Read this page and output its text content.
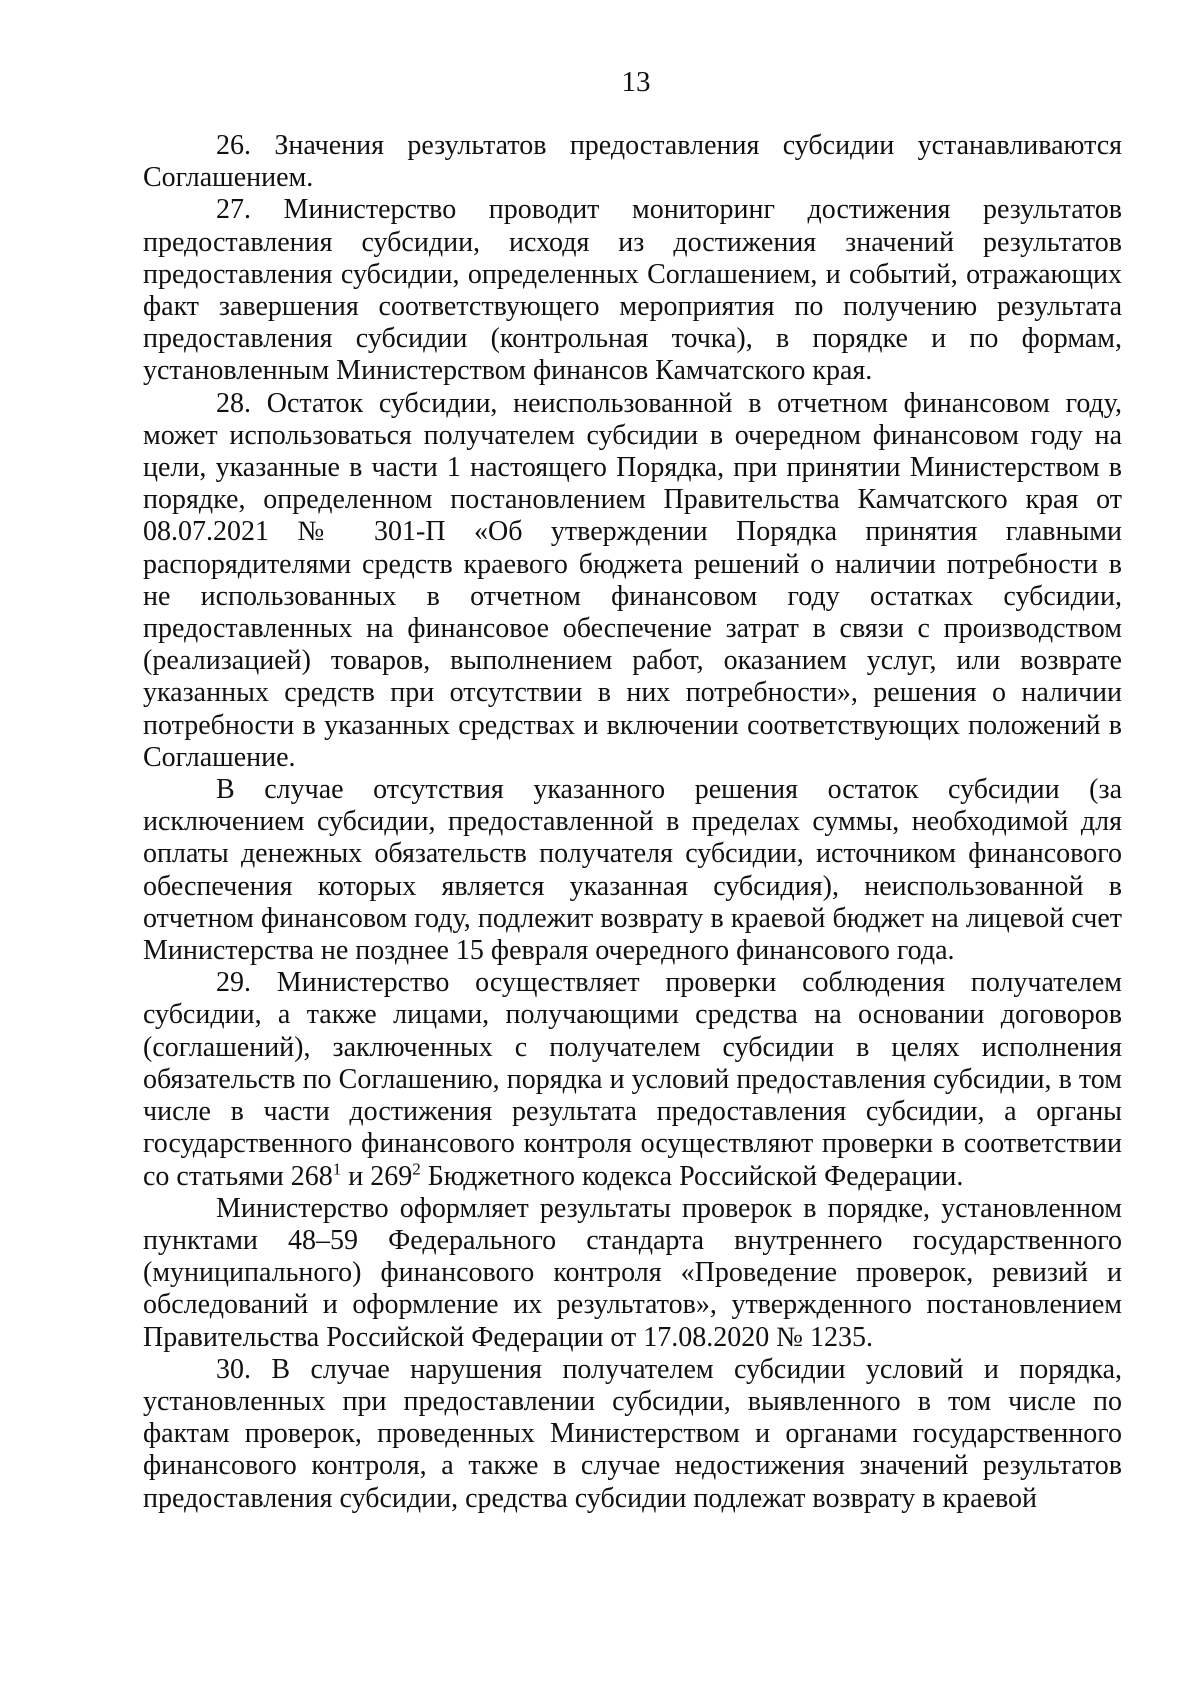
13

26. Значения результатов предоставления субсидии устанавливаются Соглашением.

27. Министерство проводит мониторинг достижения результатов предоставления субсидии, исходя из достижения значений результатов предоставления субсидии, определенных Соглашением, и событий, отражающих факт завершения соответствующего мероприятия по получению результата предоставления субсидии (контрольная точка), в порядке и по формам, установленным Министерством финансов Камчатского края.

28. Остаток субсидии, неиспользованной в отчетном финансовом году, может использоваться получателем субсидии в очередном финансовом году на цели, указанные в части 1 настоящего Порядка, при принятии Министерством в порядке, определенном постановлением Правительства Камчатского края от 08.07.2021 № 301-П «Об утверждении Порядка принятия главными распорядителями средств краевого бюджета решений о наличии потребности в не использованных в отчетном финансовом году остатках субсидии, предоставленных на финансовое обеспечение затрат в связи с производством (реализацией) товаров, выполнением работ, оказанием услуг, или возврате указанных средств при отсутствии в них потребности», решения о наличии потребности в указанных средствах и включении соответствующих положений в Соглашение.

В случае отсутствия указанного решения остаток субсидии (за исключением субсидии, предоставленной в пределах суммы, необходимой для оплаты денежных обязательств получателя субсидии, источником финансового обеспечения которых является указанная субсидия), неиспользованной в отчетном финансовом году, подлежит возврату в краевой бюджет на лицевой счет Министерства не позднее 15 февраля очередного финансового года.

29. Министерство осуществляет проверки соблюдения получателем субсидии, а также лицами, получающими средства на основании договоров (соглашений), заключенных с получателем субсидии в целях исполнения обязательств по Соглашению, порядка и условий предоставления субсидии, в том числе в части достижения результата предоставления субсидии, а органы государственного финансового контроля осуществляют проверки в соответствии со статьями $268^1$ и $269^2$ Бюджетного кодекса Российской Федерации.

Министерство оформляет результаты проверок в порядке, установленном пунктами 48–59 Федерального стандарта внутреннего государственного (муниципального) финансового контроля «Проведение проверок, ревизий и обследований и оформление их результатов», утвержденного постановлением Правительства Российской Федерации от 17.08.2020 № 1235.

30. В случае нарушения получателем субсидии условий и порядка, установленных при предоставлении субсидии, выявленного в том числе по фактам проверок, проведенных Министерством и органами государственного финансового контроля, а также в случае недостижения значений результатов предоставления субсидии, средства субсидии подлежат возврату в краевой
